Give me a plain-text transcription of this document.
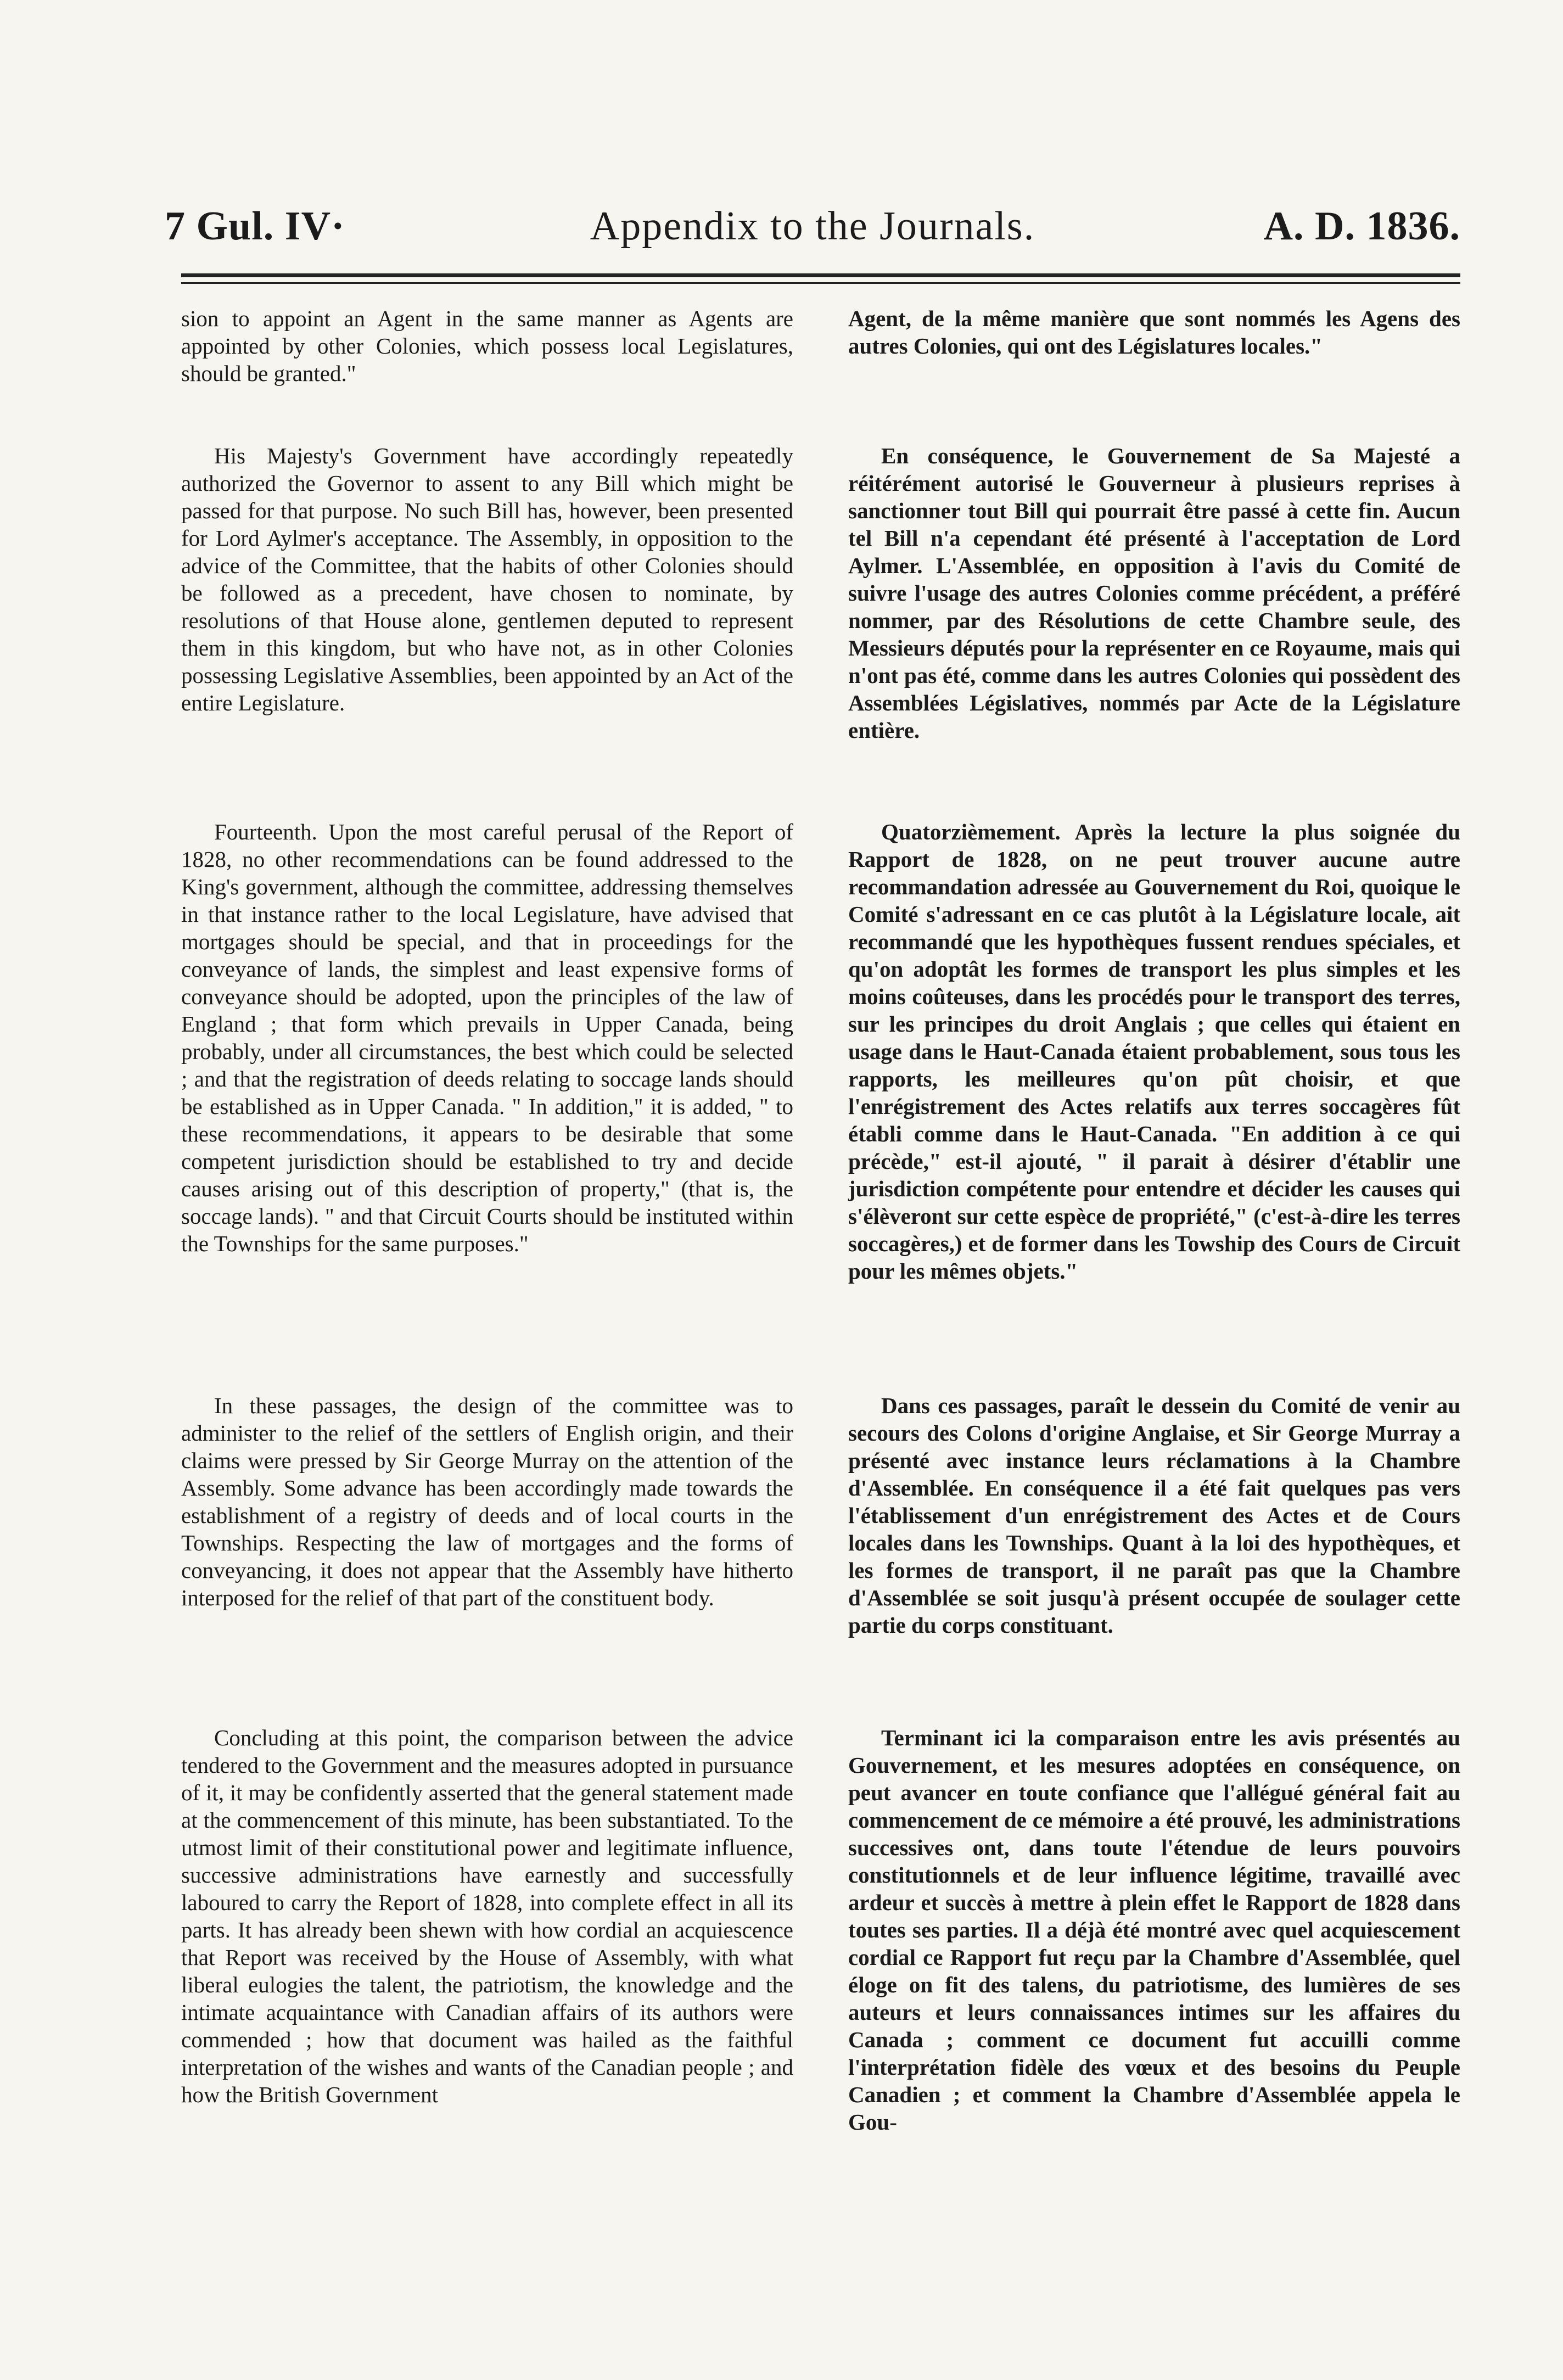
Appendix to the Journals.
7 Gul. IV·	A. D. 1836.

sion to appoint an Agent in the same manner as Agents are appointed by other Colonies, which possess local Legislatures, should be granted."

His Majesty's Government have accordingly repeatedly authorized the Governor to assent to any Bill which might be passed for that purpose. No such Bill has, however, been presented for Lord Aylmer's acceptance. The Assembly, in opposition to the advice of the Committee, that the habits of other Colonies should be followed as a precedent, have chosen to nominate, by resolutions of that House alone, gentlemen deputed to represent them in this kingdom, but who have not, as in other Colonies possessing Legislative Assemblies, been appointed by an Act of the entire Legislature.

Fourteenth. Upon the most careful perusal of the Report of 1828, no other recommendations can be found addressed to the King's government, although the committee, addressing themselves in that instance rather to the local Legislature, have advised that mortgages should be special, and that in proceedings for the conveyance of lands, the simplest and least expensive forms of conveyance should be adopted, upon the principles of the law of England ; that form which prevails in Upper Canada, being probably, under all circumstances, the best which could be selected ; and that the registration of deeds relating to soccage lands should be established as in Upper Canada. " In addition," it is added, " to these recommendations, it appears to be desirable that some competent jurisdiction should be established to try and decide causes arising out of this description of property," (that is, the soccage lands). " and that Circuit Courts should be instituted within the Townships for the same purposes."

In these passages, the design of the committee was to administer to the relief of the settlers of English origin, and their claims were pressed by Sir George Murray on the attention of the Assembly. Some advance has been accordingly made towards the establishment of a registry of deeds and of local courts in the Townships. Respecting the law of mortgages and the forms of conveyancing, it does not appear that the Assembly have hitherto interposed for the relief of that part of the constituent body.

Concluding at this point, the comparison between the advice tendered to the Government and the measures adopted in pursuance of it, it may be confidently asserted that the general statement made at the commencement of this minute, has been substantiated. To the utmost limit of their constitutional power and legitimate influence, successive administrations have earnestly and successfully laboured to carry the Report of 1828, into complete effect in all its parts. It has already been shewn with how cordial an acquiescence that Report was received by the House of Assembly, with what liberal eulogies the talent, the patriotism, the knowledge and the intimate acquaintance with Canadian affairs of its authors were commended ; how that document was hailed as the faithful interpretation of the wishes and wants of the Canadian people ; and how the British Government

Agent, de la même manière que sont nommés les Agens des autres Colonies, qui ont des Législatures locales."

En conséquence, le Gouvernement de Sa Majesté a réitérément autorisé le Gouverneur à plusieurs reprises à sanctionner tout Bill qui pourrait être passé à cette fin. Aucun tel Bill n'a cependant été présenté à l'acceptation de Lord Aylmer. L'Assemblée, en opposition à l'avis du Comité de suivre l'usage des autres Colonies comme précédent, a préféré nommer, par des Résolutions de cette Chambre seule, des Messieurs députés pour la représenter en ce Royaume, mais qui n'ont pas été, comme dans les autres Colonies qui possèdent des Assemblées Législatives, nommés par Acte de la Législature entière.

Quatorzièmement. Après la lecture la plus soignée du Rapport de 1828, on ne peut trouver aucune autre recommandation adressée au Gouvernement du Roi, quoique le Comité s'adressant en ce cas plutôt à la Législature locale, ait recommandé que les hypothèques fussent rendues spéciales, et qu'on adoptât les formes de transport les plus simples et les moins coûteuses, dans les procédés pour le transport des terres, sur les principes du droit Anglais ; que celles qui étaient en usage dans le Haut-Canada étaient probablement, sous tous les rapports, les meilleures qu'on pût choisir, et que l'enrégistrement des Actes relatifs aux terres soccagères fût établi comme dans le Haut-Canada. "En addition à ce qui précède," est-il ajouté, " il parait à désirer d'établir une jurisdiction compétente pour entendre et décider les causes qui s'élèveront sur cette espèce de propriété," (c'est-à-dire les terres soccagères,) et de former dans les Towship des Cours de Circuit pour les mêmes objets."

Dans ces passages, paraît le dessein du Comité de venir au secours des Colons d'origine Anglaise, et Sir George Murray a présenté avec instance leurs réclamations à la Chambre d'Assemblée. En conséquence il a été fait quelques pas vers l'établissement d'un enrégistrement des Actes et de Cours locales dans les Townships. Quant à la loi des hypothèques, et les formes de transport, il ne paraît pas que la Chambre d'Assemblée se soit jusqu'à présent occupée de soulager cette partie du corps constituant.

Terminant ici la comparaison entre les avis présentés au Gouvernement, et les mesures adoptées en conséquence, on peut avancer en toute confiance que l'allégué général fait au commencement de ce mémoire a été prouvé, les administrations successives ont, dans toute l'étendue de leurs pouvoirs constitutionnels et de leur influence légitime, travaillé avec ardeur et succès à mettre à plein effet le Rapport de 1828 dans toutes ses parties. Il a déjà été montré avec quel acquiescement cordial ce Rapport fut reçu par la Chambre d'Assemblée, quel éloge on fit des talens, du patriotisme, des lumières de ses auteurs et leurs connaissances intimes sur les affaires du Canada ; comment ce document fut accuilli comme l'interprétation fidèle des vœux et des besoins du Peuple Canadien ; et comment la Chambre d'Assemblée appela le Gou-
